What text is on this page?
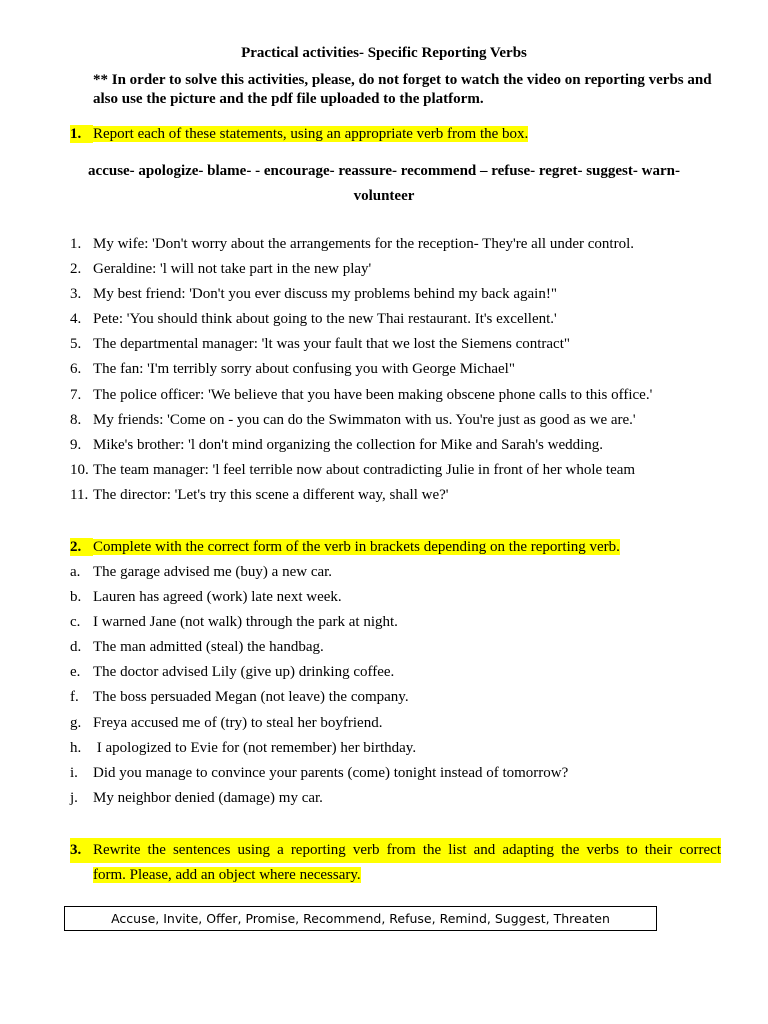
Practical activities- Specific Reporting Verbs
** In order to solve this activities, please, do not forget to watch the video on reporting verbs and also use the picture and the pdf file uploaded to the platform.
1. Report each of these statements, using an appropriate verb from the box.
accuse- apologize- blame- - encourage- reassure- recommend – refuse- regret- suggest- warn-
volunteer
1. My wife: 'Don't worry about the arrangements for the reception- They're all under control.
2. Geraldine: 'l will not take part in the new play'
3. My best friend: 'Don't you ever discuss my problems behind my back again!"
4. Pete: 'You should think about going to the new Thai restaurant. It's excellent.'
5. The departmental manager: 'lt was your fault that we lost the Siemens contract"
6. The fan: 'I'm terribly sorry about confusing you with George Michael"
7. The police officer: 'We believe that you have been making obscene phone calls to this office.'
8. My friends: 'Come on - you can do the Swimmaton with us. You're just as good as we are.'
9. Mike's brother: 'l don't mind organizing the collection for Mike and Sarah's wedding.
10. The team manager: 'l feel terrible now about contradicting Julie in front of her whole team
11. The director: 'Let's try this scene a different way, shall we?'
2. Complete with the correct form of the verb in brackets depending on the reporting verb.
a. The garage advised me (buy) a new car.
b. Lauren has agreed (work) late next week.
c. I warned Jane (not walk) through the park at night.
d. The man admitted (steal) the handbag.
e. The doctor advised Lily (give up) drinking coffee.
f. The boss persuaded Megan (not leave) the company.
g. Freya accused me of (try) to steal her boyfriend.
h. I apologized to Evie for (not remember) her birthday.
i.	Did you manage to convince your parents (come) tonight instead of tomorrow?
j.	My neighbor denied (damage) my car.
3. Rewrite the sentences using a reporting verb from the list and adapting the verbs to their correct
form. Please, add an object where necessary.
Accuse, Invite, Offer, Promise, Recommend, Refuse, Remind, Suggest, Threaten
